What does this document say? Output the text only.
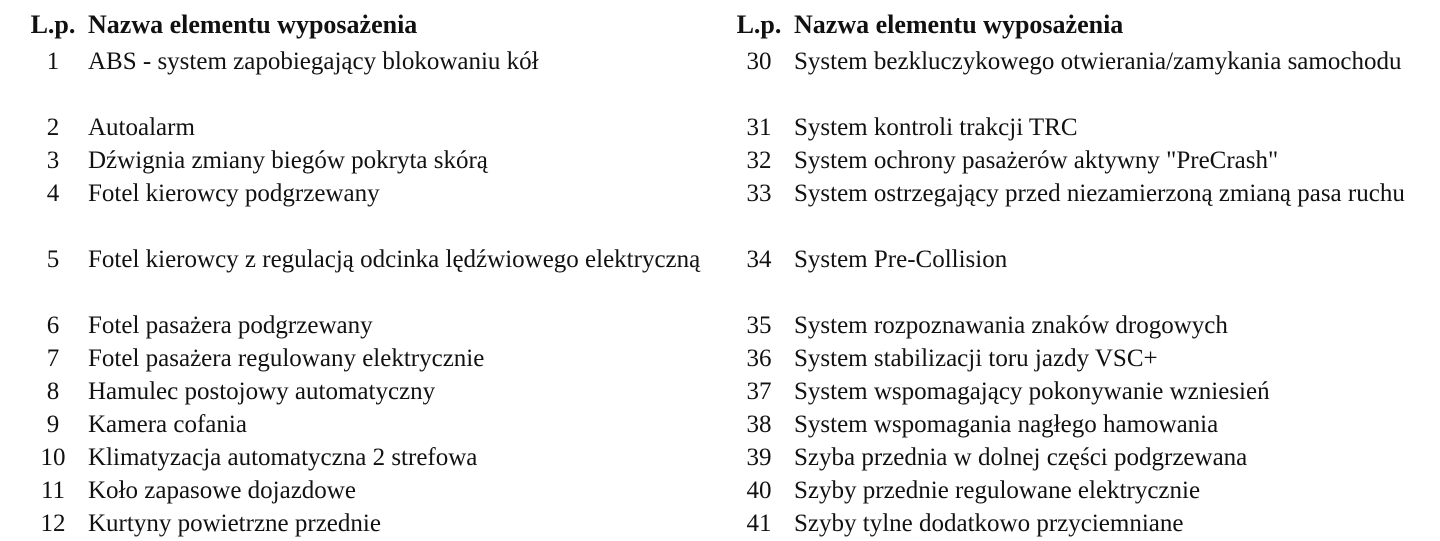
L.p. Nazwa elementu wyposażenia
1	ABS - system zapobiegający blokowaniu kół
2	Autoalarm
3	Dźwignia zmiany biegów pokryta skórą
4	Fotel kierowcy podgrzewany
5	Fotel kierowcy z regulacją odcinka lędźwiowego elektryczną
6	Fotel pasażera podgrzewany
7	Fotel pasażera regulowany elektrycznie
8	Hamulec postojowy automatyczny
9	Kamera cofania
10 Klimatyzacja automatyczna 2 strefowa
11 Koło zapasowe dojazdowe
12 Kurtyny powietrzne przednie
L.p. Nazwa elementu wyposażenia
30 System bezkluczykowego otwierania/zamykania samochodu
31 System kontroli trakcji TRC
32 System ochrony pasażerów aktywny "PreCrash"
33 System ostrzegający przed niezamierzoną zmianą pasa ruchu
34 System Pre-Collision
35 System rozpoznawania znaków drogowych
36 System stabilizacji toru jazdy VSC+
37 System wspomagający pokonywanie wzniesień
38 System wspomagania nagłego hamowania
39 Szyba przednia w dolnej części podgrzewana
40 Szyby przednie regulowane elektrycznie
41 Szyby tylne dodatkowo przyciemniane
